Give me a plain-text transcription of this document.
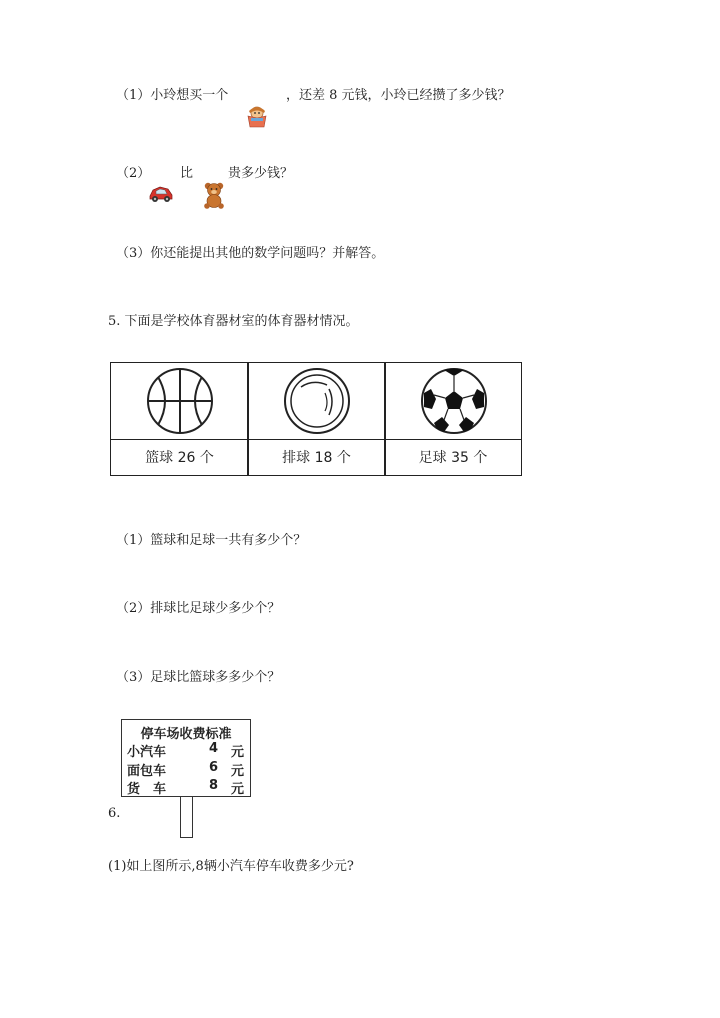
（1）小玲想买一个	，还差 8 元钱，小玲已经攒了多少钱？
（2） 比	贵多少钱？
（3）你还能提出其他的数学问题吗？并解答。
5. 下面是学校体育器材室的体育器材情况。
篮球 26 个	排球 18 个	足球 35 个
（1）篮球和足球一共有多少个？
（2）排球比足球少多少个？
（3）足球比篮球多多少个？
停车场收费标准
小汽车	4 元
面包车	6 元
货　车	8 元
6.
(1)如上图所示,8辆小汽车停车收费多少元?
